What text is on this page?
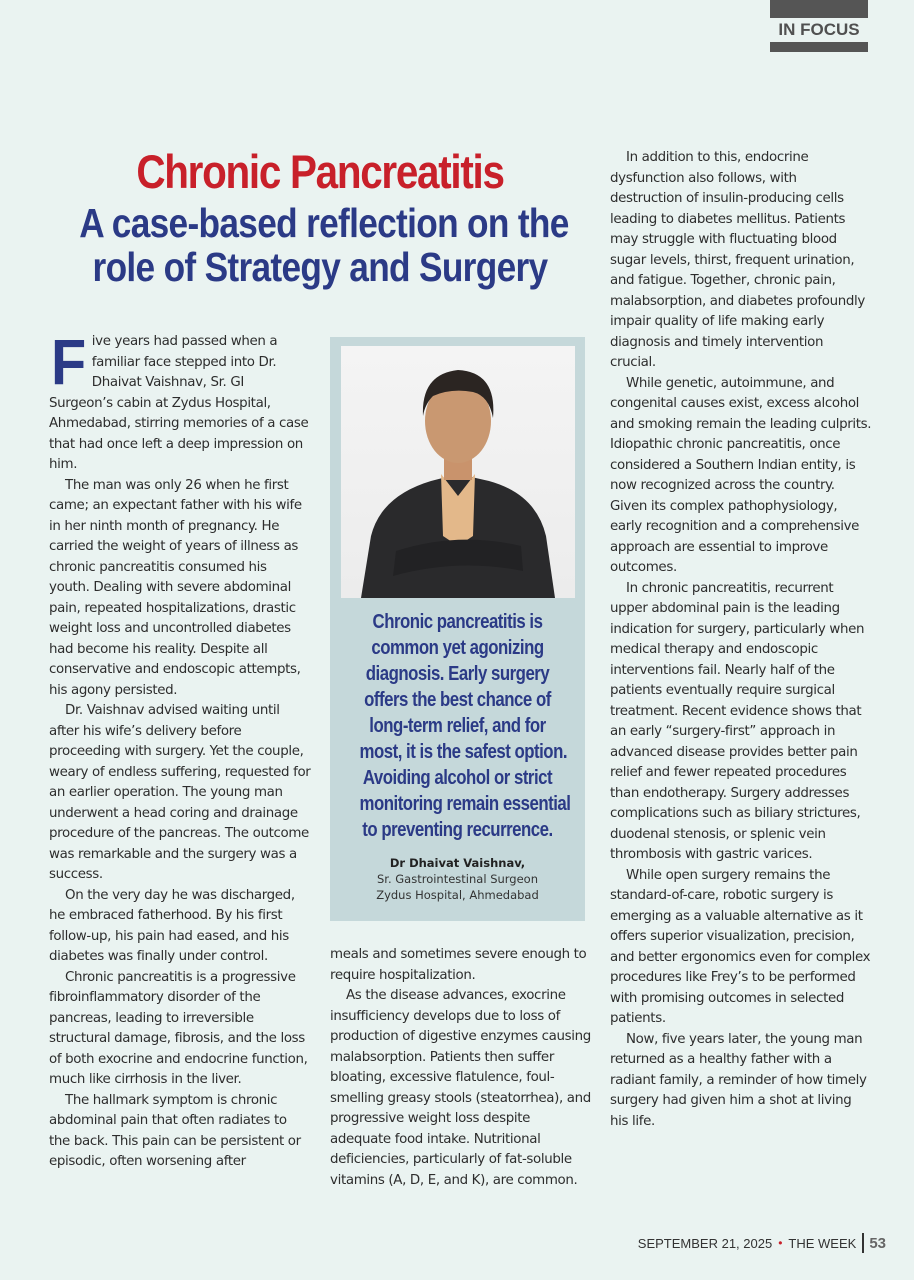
IN FOCUS
Chronic Pancreatitis
A case-based reflection on the
role of Strategy and Surgery

Five years had passed when a familiar face stepped into Dr. Dhaivat Vaishnav, Sr. GI Surgeon’s cabin at Zydus Hospital, Ahmedabad, stirring memories of a case that had once left a deep impression on him.

The man was only 26 when he first came; an expectant father with his wife in her ninth month of pregnancy. He carried the weight of years of illness as chronic pancreatitis consumed his youth. Dealing with severe abdominal pain, repeated hospitalizations, drastic weight loss and uncontrolled diabetes had become his reality. Despite all conservative and endoscopic attempts, his agony persisted.

Dr. Vaishnav advised waiting until after his wife’s delivery before proceeding with surgery. Yet the couple, weary of endless suffering, requested for an earlier operation. The young man underwent a head coring and drainage procedure of the pancreas. The outcome was remarkable and the surgery was a success.

On the very day he was discharged, he embraced fatherhood. By his first follow-up, his pain had eased, and his diabetes was finally under control.

Chronic pancreatitis is a progressive fibroinflammatory disorder of the pancreas, leading to irreversible structural damage, fibrosis, and the loss of both exocrine and endocrine function, much like cirrhosis in the liver.

The hallmark symptom is chronic abdominal pain that often radiates to the back. This pain can be persistent or episodic, often worsening after

Chronic pancreatitis is
common yet agonizing
diagnosis. Early surgery
offers the best chance of
long-term relief, and for
most, it is the safest option.
Avoiding alcohol or strict
monitoring remain essential
to preventing recurrence.
Dr Dhaivat Vaishnav,
Sr. Gastrointestinal Surgeon
Zydus Hospital, Ahmedabad

meals and sometimes severe enough to require hospitalization.

As the disease advances, exocrine insufficiency develops due to loss of production of digestive enzymes causing malabsorption. Patients then suffer bloating, excessive flatulence, foul-smelling greasy stools (steatorrhea), and progressive weight loss despite adequate food intake. Nutritional deficiencies, particularly of fat-soluble vitamins (A, D, E, and K), are common.

In addition to this, endocrine dysfunction also follows, with destruction of insulin-producing cells leading to diabetes mellitus. Patients may struggle with fluctuating blood sugar levels, thirst, frequent urination, and fatigue. Together, chronic pain, malabsorption, and diabetes profoundly impair quality of life making early diagnosis and timely intervention crucial.

While genetic, autoimmune, and congenital causes exist, excess alcohol and smoking remain the leading culprits. Idiopathic chronic pancreatitis, once considered a Southern Indian entity, is now recognized across the country. Given its complex pathophysiology, early recognition and a comprehensive approach are essential to improve outcomes.

In chronic pancreatitis, recurrent upper abdominal pain is the leading indication for surgery, particularly when medical therapy and endoscopic interventions fail. Nearly half of the patients eventually require surgical treatment. Recent evidence shows that an early “surgery-first” approach in advanced disease provides better pain relief and fewer repeated procedures than endotherapy. Surgery addresses complications such as biliary strictures, duodenal stenosis, or splenic vein thrombosis with gastric varices.

While open surgery remains the standard-of-care, robotic surgery is emerging as a valuable alternative as it offers superior visualization, precision, and better ergonomics even for complex procedures like Frey’s to be performed with promising outcomes in selected patients.

Now, five years later, the young man returned as a healthy father with a radiant family, a reminder of how timely surgery had given him a shot at living his life.

SEPTEMBER 21, 2025 • THE WEEK 53
